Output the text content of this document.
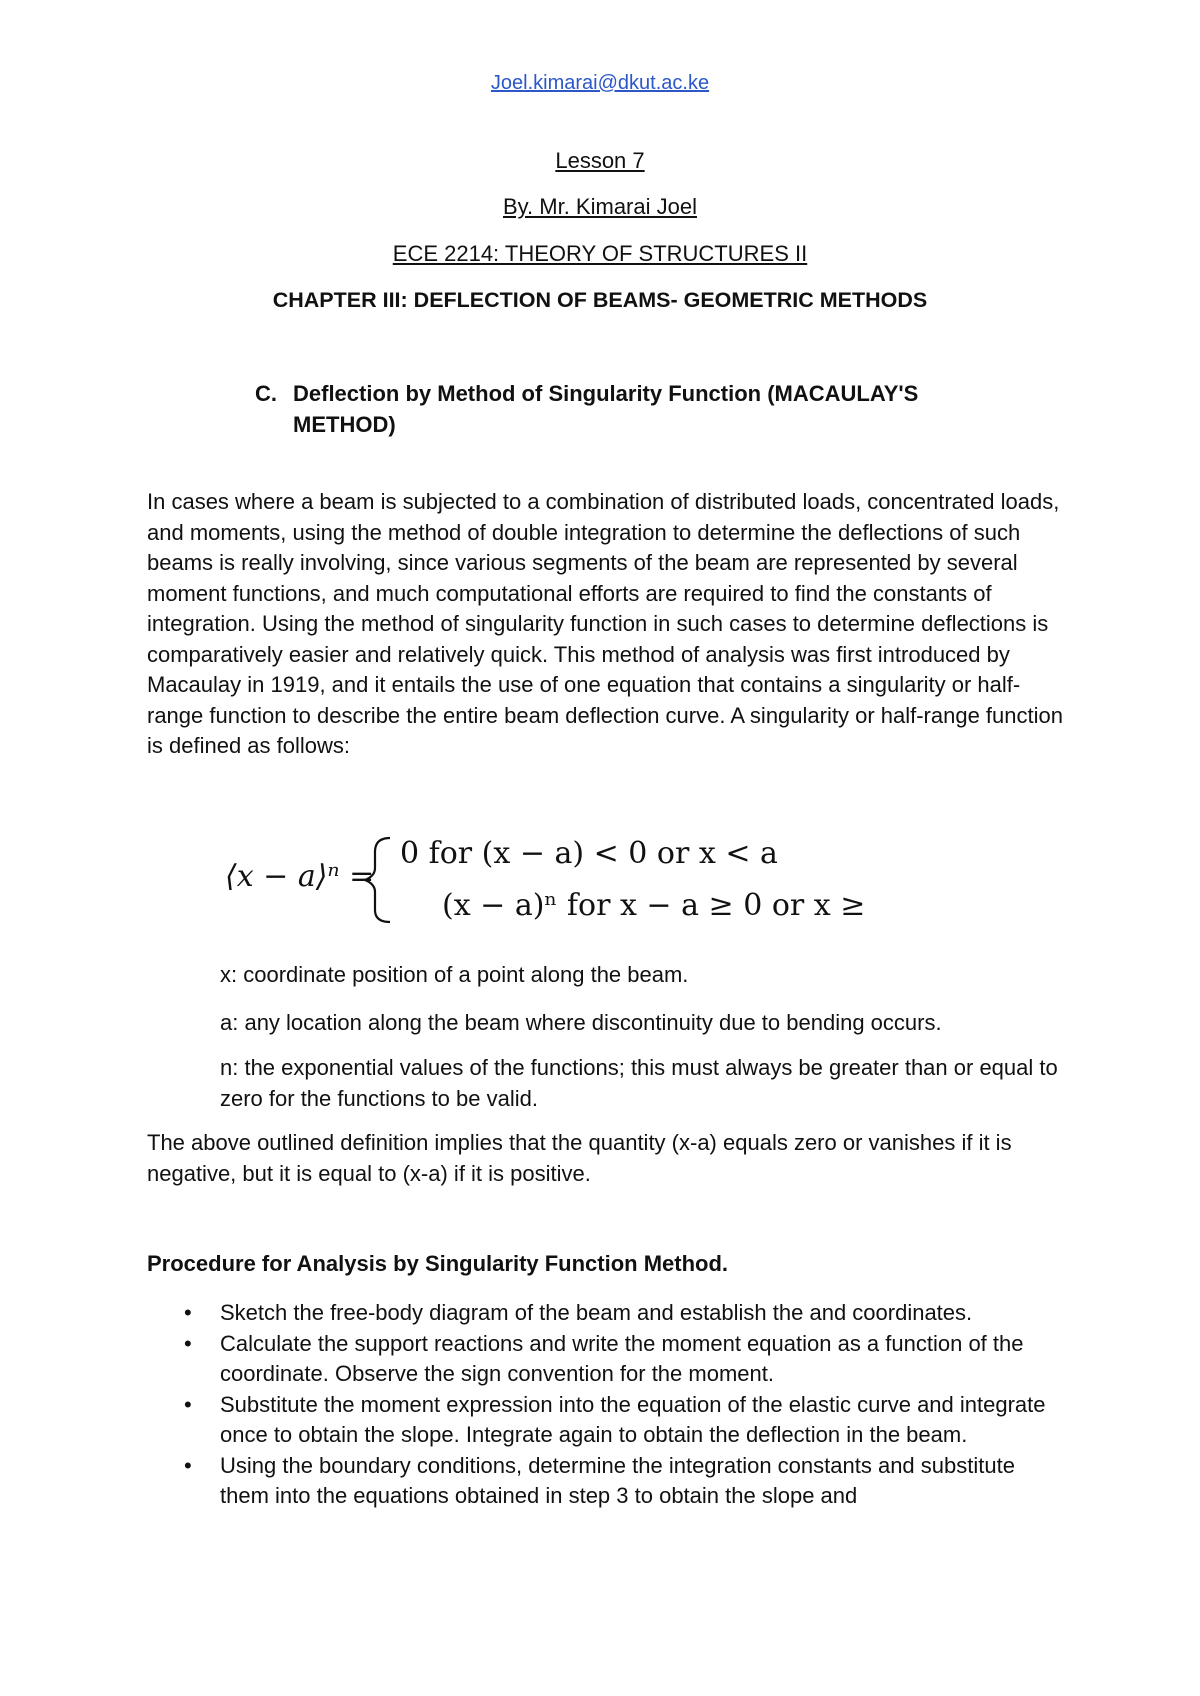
Joel.kimarai@dkut.ac.ke
Lesson 7
By. Mr. Kimarai Joel
ECE 2214: THEORY OF STRUCTURES II
CHAPTER III: DEFLECTION OF BEAMS- GEOMETRIC METHODS
C. Deflection by Method of Singularity Function (MACAULAY'S METHOD)
In cases where a beam is subjected to a combination of distributed loads, concentrated loads, and moments, using the method of double integration to determine the deflections of such beams is really involving, since various segments of the beam are represented by several moment functions, and much computational efforts are required to find the constants of integration. Using the method of singularity function in such cases to determine deflections is comparatively easier and relatively quick. This method of analysis was first introduced by Macaulay in 1919, and it entails the use of one equation that contains a singularity or half-range function to describe the entire beam deflection curve. A singularity or half-range function is defined as follows:
⟨x − a⟩ⁿ =
0 for (x − a) < 0 or x < a
(x − a)ⁿ for x − a ≥ 0 or x ≥ a
x: coordinate position of a point along the beam.
a: any location along the beam where discontinuity due to bending occurs.
n: the exponential values of the functions; this must always be greater than or equal to zero for the functions to be valid.
The above outlined definition implies that the quantity (x-a) equals zero or vanishes if it is negative, but it is equal to (x-a) if it is positive.
Procedure for Analysis by Singularity Function Method.
• Sketch the free-body diagram of the beam and establish the and coordinates.
• Calculate the support reactions and write the moment equation as a function of the coordinate. Observe the sign convention for the moment.
• Substitute the moment expression into the equation of the elastic curve and integrate once to obtain the slope. Integrate again to obtain the deflection in the beam.
• Using the boundary conditions, determine the integration constants and substitute them into the equations obtained in step 3 to obtain the slope and
